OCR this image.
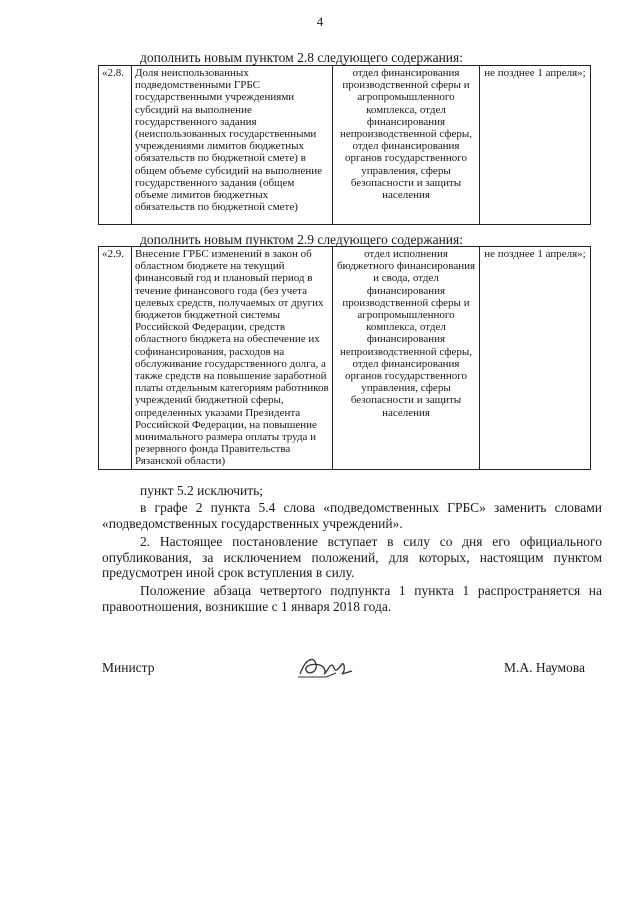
4
дополнить новым пунктом 2.8 следующего содержания:
«2.8.	Доля неиспользованных подведомственными ГРБС государственными учреждениями субсидий на выполнение государственного задания (неиспользованных государственными учреждениями лимитов бюджетных обязательств по бюджетной смете) в общем объеме субсидий на выполнение государственного задания (общем объеме лимитов бюджетных обязательств по бюджетной смете)	отдел финансирования производственной сферы и агропромышленного комплекса, отдел финансирования непроизводственной сферы, отдел финансирования органов государственного управления, сферы безопасности и защиты населения	не позднее 1 апреля»;
дополнить новым пунктом 2.9 следующего содержания:
«2.9.	Внесение ГРБС изменений в закон об областном бюджете на текущий финансовый год и плановый период в течение финансового года (без учета целевых средств, получаемых от других бюджетов бюджетной системы Российской Федерации, средств областного бюджета на обеспечение их софинансирования, расходов на обслуживание государственного долга, а также средств на повышение заработной платы отдельным категориям работников учреждений бюджетной сферы, определенных указами Президента Российской Федерации, на повышение минимального размера оплаты труда и резервного фонда Правительства Рязанской области)	отдел исполнения бюджетного финансирования и свода, отдел финансирования производственной сферы и агропромышленного комплекса, отдел финансирования непроизводственной сферы, отдел финансирования органов государственного управления, сферы безопасности и защиты населения	не позднее 1 апреля»;
пункт 5.2 исключить;
в графе 2 пункта 5.4 слова «подведомственных ГРБС» заменить словами «подведомственных государственных учреждений».
2. Настоящее постановление вступает в силу со дня его официального опубликования, за исключением положений, для которых, настоящим пунктом предусмотрен иной срок вступления в силу.
Положение абзаца четвертого подпункта 1 пункта 1 распространяется на правоотношения, возникшие с 1 января 2018 года.
Министр	М.А. Наумова
